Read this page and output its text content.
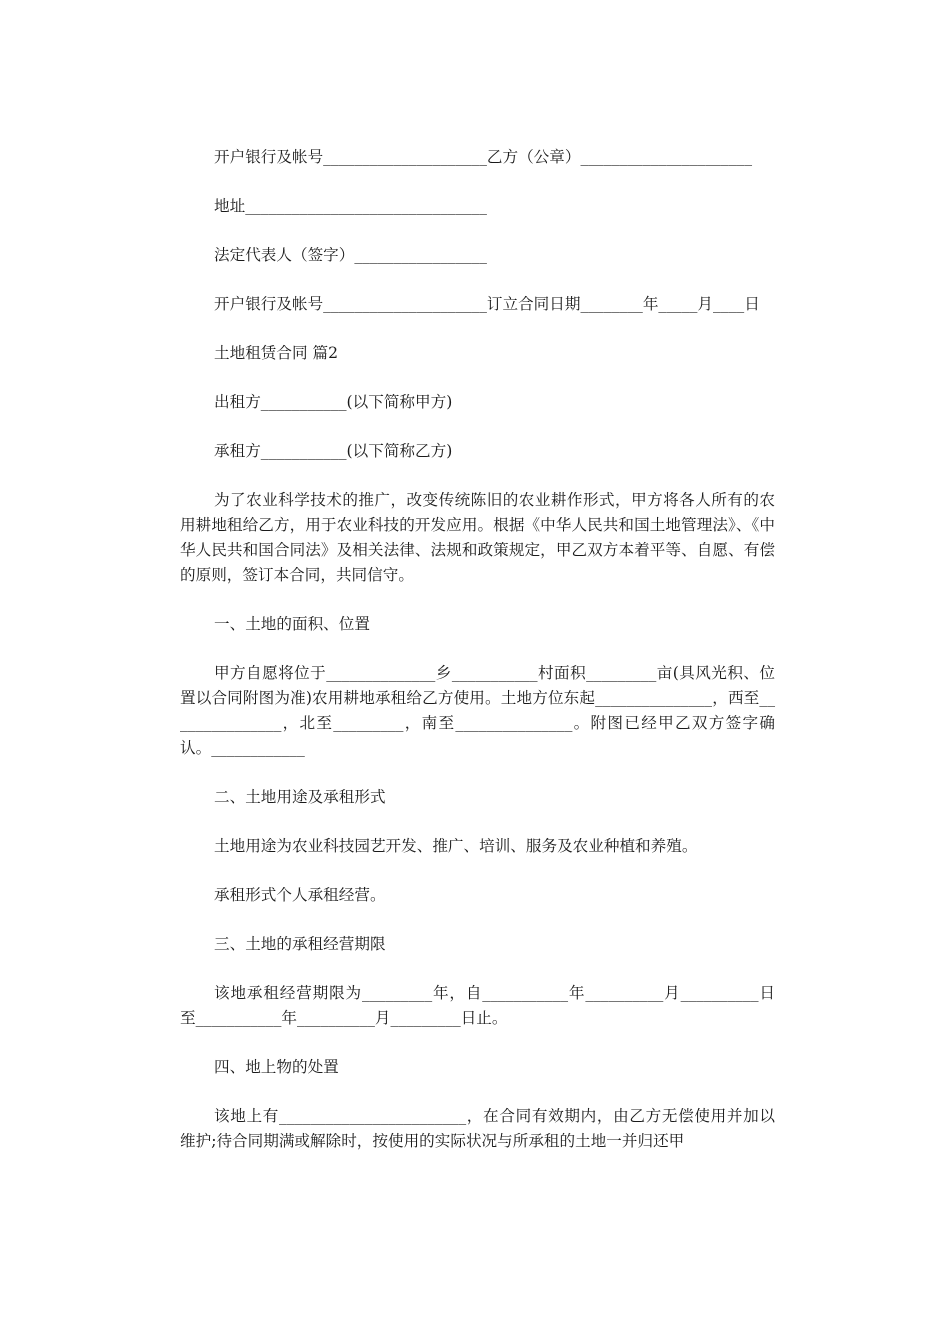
开户银行及帐号_____________________乙方（公章）______________________

地址_______________________________

法定代表人（签字）_________________

开户银行及帐号_____________________订立合同日期________年_____月____日

土地租赁合同 篇2

出租方___________(以下简称甲方)

承租方___________(以下简称乙方)

为了农业科学技术的推广，改变传统陈旧的农业耕作形式，甲方将各人所有的农用耕地租给乙方，用于农业科技的开发应用。根据《中华人民共和国土地管理法》、《中华人民共和国合同法》及相关法律、法规和政策规定，甲乙双方本着平等、自愿、有偿的原则，签订本合同，共同信守。

一、土地的面积、位置

甲方自愿将位于______________乡___________村面积_________亩(具风光积、位置以合同附图为准)农用耕地承租给乙方使用。土地方位东起_______________，西至_______________，北至_________，南至_______________。附图已经甲乙双方签字确认。____________

二、土地用途及承租形式

土地用途为农业科技园艺开发、推广、培训、服务及农业种植和养殖。

承租形式个人承租经营。

三、土地的承租经营期限

该地承租经营期限为_________年，自___________年__________月__________日至___________年__________月_________日止。

四、地上物的处置

该地上有________________________，在合同有效期内，由乙方无偿使用并加以维护;待合同期满或解除时，按使用的实际状况与所承租的土地一并归还甲
